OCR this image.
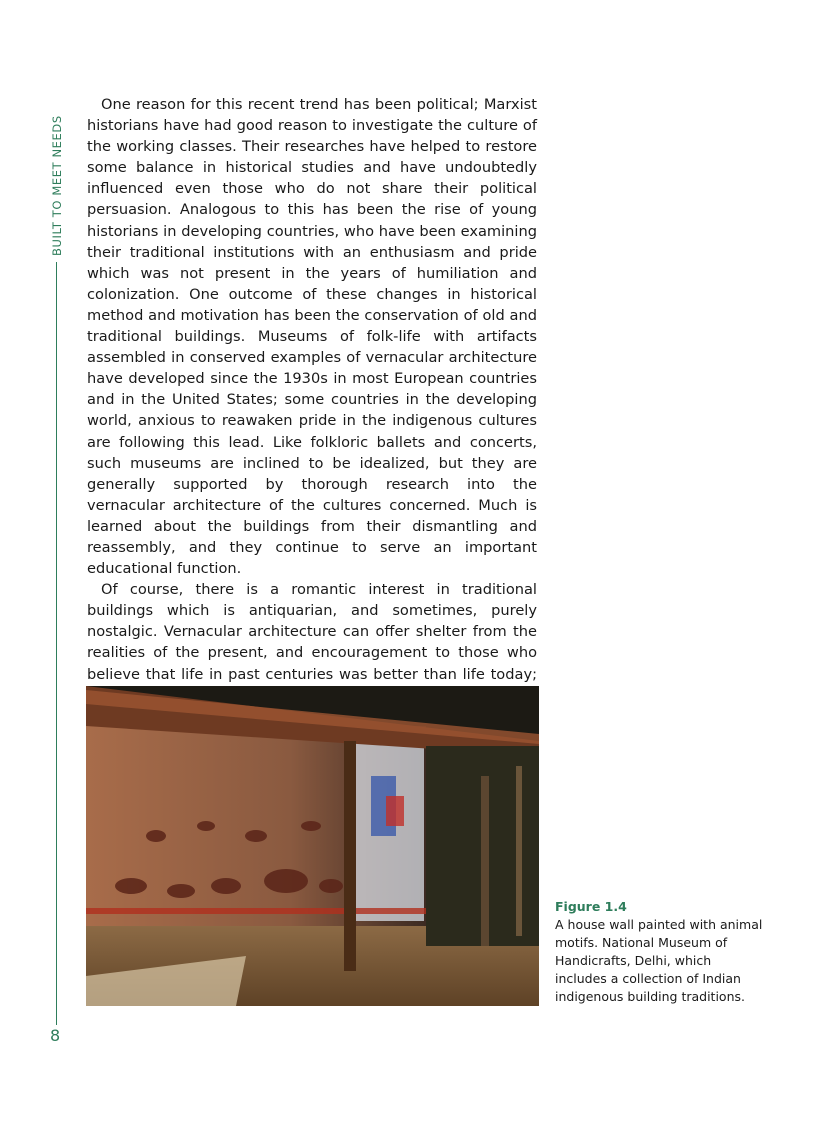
BUILT TO MEET NEEDS
8

One reason for this recent trend has been political; Marxist historians have had good reason to investigate the culture of the working classes. Their researches have helped to restore some balance in historical studies and have undoubtedly influenced even those who do not share their political persuasion. Analogous to this has been the rise of young historians in developing countries, who have been examining their traditional institutions with an enthusiasm and pride which was not present in the years of humiliation and colonization. One outcome of these changes in historical method and motivation has been the conservation of old and traditional buildings. Museums of folk-life with artifacts assembled in conserved examples of vernacular architecture have developed since the 1930s in most European countries and in the United States; some countries in the developing world, anxious to reawaken pride in the indigenous cultures are following this lead. Like folkloric ballets and concerts, such museums are inclined to be idealized, but they are generally supported by thorough research into the vernacular architecture of the cultures concerned. Much is learned about the buildings from their dismantling and reassembly, and they continue to serve an important educational function.

Of course, there is a romantic interest in traditional buildings which is antiquarian, and sometimes, purely nostalgic. Vernacular architecture can offer shelter from the realities of the present, and encouragement to those who believe that life in past centuries was better than life today;

Figure 1.4
A house wall painted with animal motifs. National Museum of Handicrafts, Delhi, which includes a collection of Indian indigenous building traditions.
